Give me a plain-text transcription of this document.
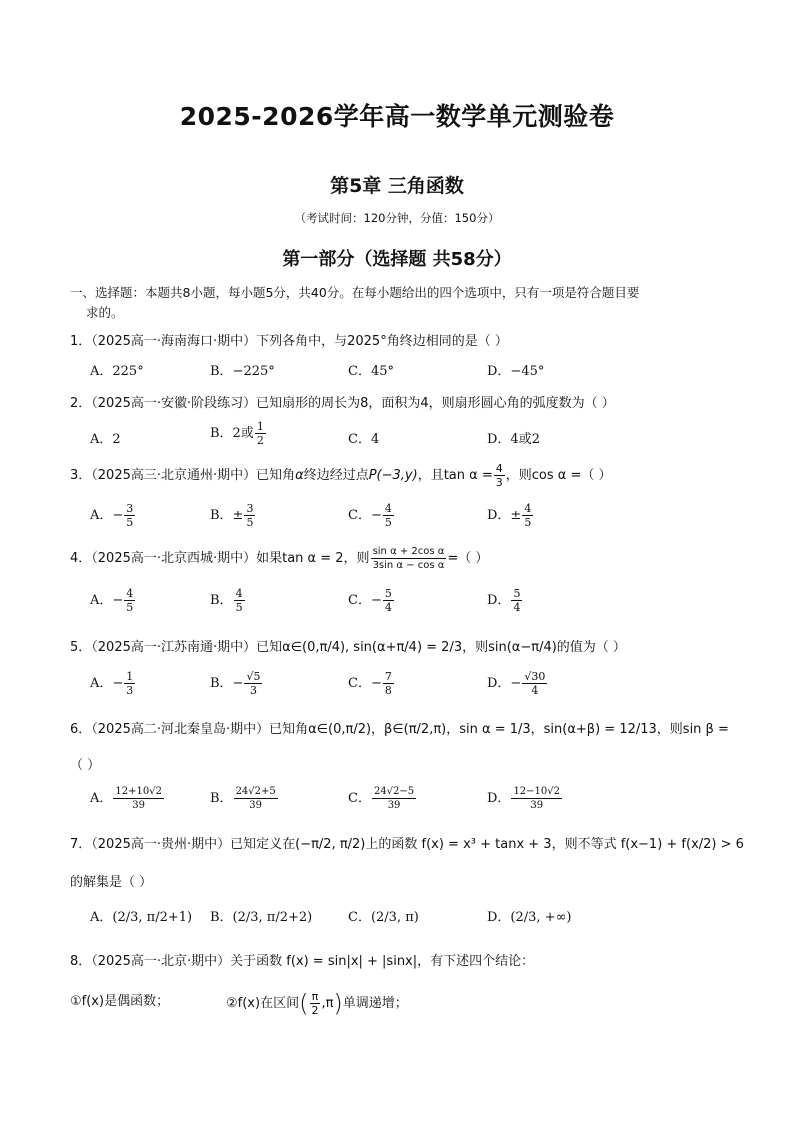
2025-2026学年高一数学单元测验卷
第5章 三角函数
（考试时间：120分钟，分值：150分）
第一部分（选择题 共58分）
一、选择题：本题共8小题，每小题5分，共40分。在每小题给出的四个选项中，只有一项是符合题目要
求的。
1．（2025高一·海南海口·期中）下列各角中，与2025°角终边相同的是（ ）
A．225°	B．−225°	C．45°	D．−45°
2．（2025高一·安徽·阶段练习）已知扇形的周长为8，面积为4，则扇形圆心角的弧度数为（ ）
A．2	B．2或 $\frac{1}{2}$	C．4	D．4或2
3．（2025高三·北京通州·期中）已知角α终边经过点P(−3,y)，且$\tan \alpha = \frac{4}{3}$ ，则cos α =（ ）
A．− $\frac{3}{5}$	B．± $\frac{3}{5}$	C．− $\frac{4}{5}$	D．± $\frac{4}{5}$
4．（2025高一·北京西城·期中）如果tan α = 2，则 $\frac{\text{sin α + 2cos α}}{\text{3sin α − cos α}}$ =（ ）
A．− $\frac{4}{5}$	B． $\frac{4}{5}$	C．− $\frac{5}{4}$	D． $\frac{5}{4}$
5．（2025高一·江苏南通·期中）已知α∈(0,π/4), sin(α+π/4) = 2/3，则sin(α−π/4)的值为（ ）
A．− $\frac{1}{3}$	B．− $\frac{√5}{3}$	C．− $\frac{7}{8}$	D．− $\frac{√30}{4}$
6．（2025高二·河北秦皇岛·期中）已知角α∈(0,π/2)，β∈(π/2,π)，sin α = 1/3，sin(α+β) = 12/13，则sin β =
（ ）
A． $\frac{12+10√2}{39}$	B． $\frac{24√2+5}{39}$	C． $\frac{24√2-5}{39}$	D． $\frac{12-10√2}{39}$
7．（2025高一·贵州·期中）已知定义在(−π/2, π/2)上的函数 f(x) = x³ + tanx + 3，则不等式 f(x−1) + f(x/2) > 6
的解集是（ ）
A．(2/3, π/2+1) B．(2/3, π/2+2)	C．(2/3, π)	D．(2/3, +∞)
8．（2025高一·北京·期中）关于函数 f(x) = sin|x| + |sinx|，有下述四个结论：
①f(x)是偶函数；	②f(x)在区间( $\frac{\pi}{2} ,\pi$)单调递增；
